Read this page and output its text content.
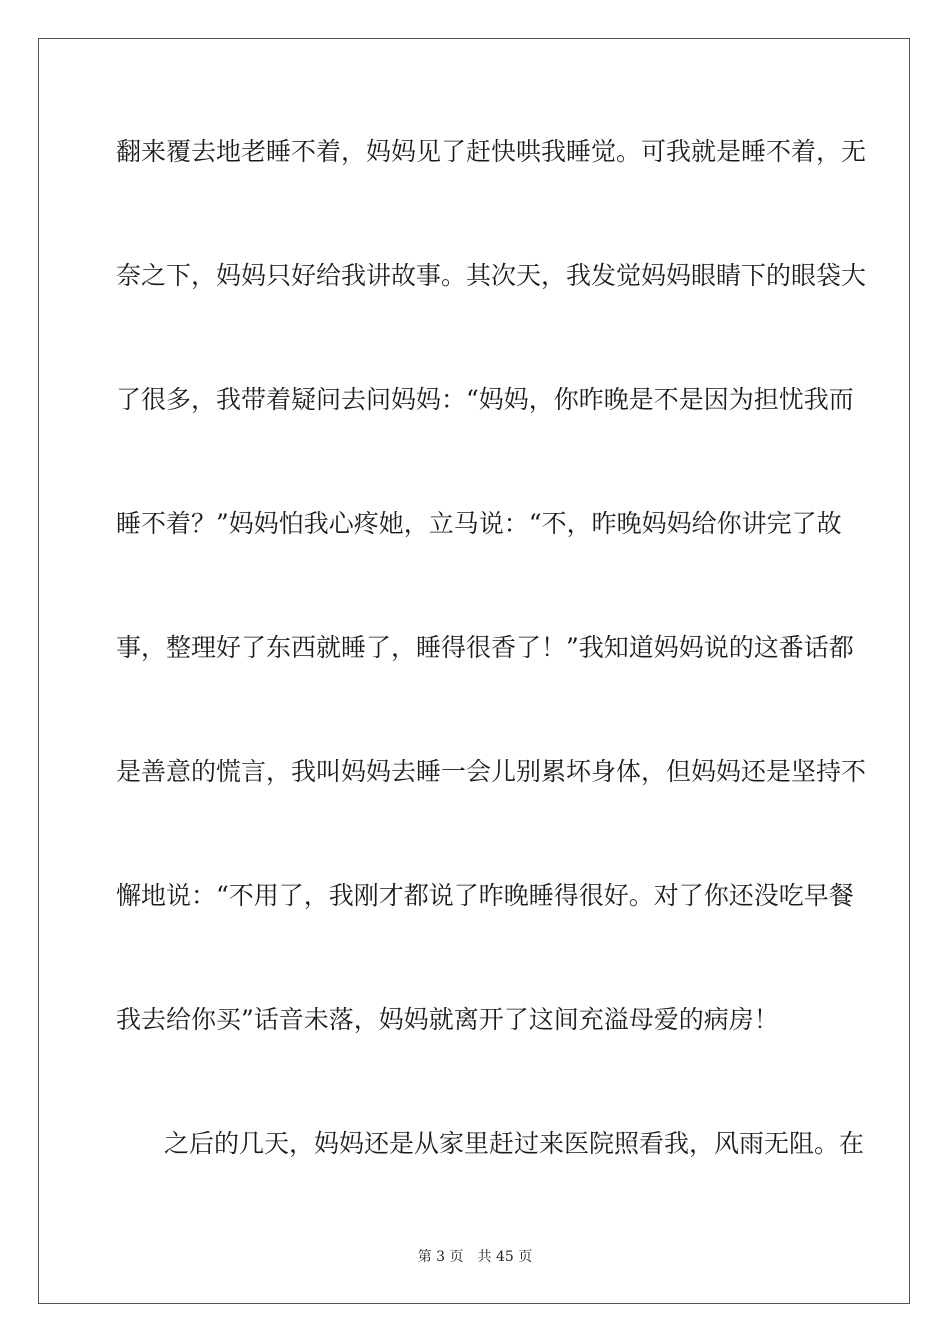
翻来覆去地老睡不着，妈妈见了赶快哄我睡觉。可我就是睡不着，无
奈之下，妈妈只好给我讲故事。其次天，我发觉妈妈眼睛下的眼袋大
了很多，我带着疑问去问妈妈：“妈妈，你昨晚是不是因为担忧我而
睡不着？”妈妈怕我心疼她，立马说：“不，昨晚妈妈给你讲完了故
事，整理好了东西就睡了，睡得很香了！”我知道妈妈说的这番话都
是善意的慌言，我叫妈妈去睡一会儿别累坏身体，但妈妈还是坚持不
懈地说：“不用了，我刚才都说了昨晚睡得很好。对了你还没吃早餐
我去给你买”话音未落，妈妈就离开了这间充溢母爱的病房！
之后的几天，妈妈还是从家里赶过来医院照看我，风雨无阻。在
第 3 页 共 45 页
